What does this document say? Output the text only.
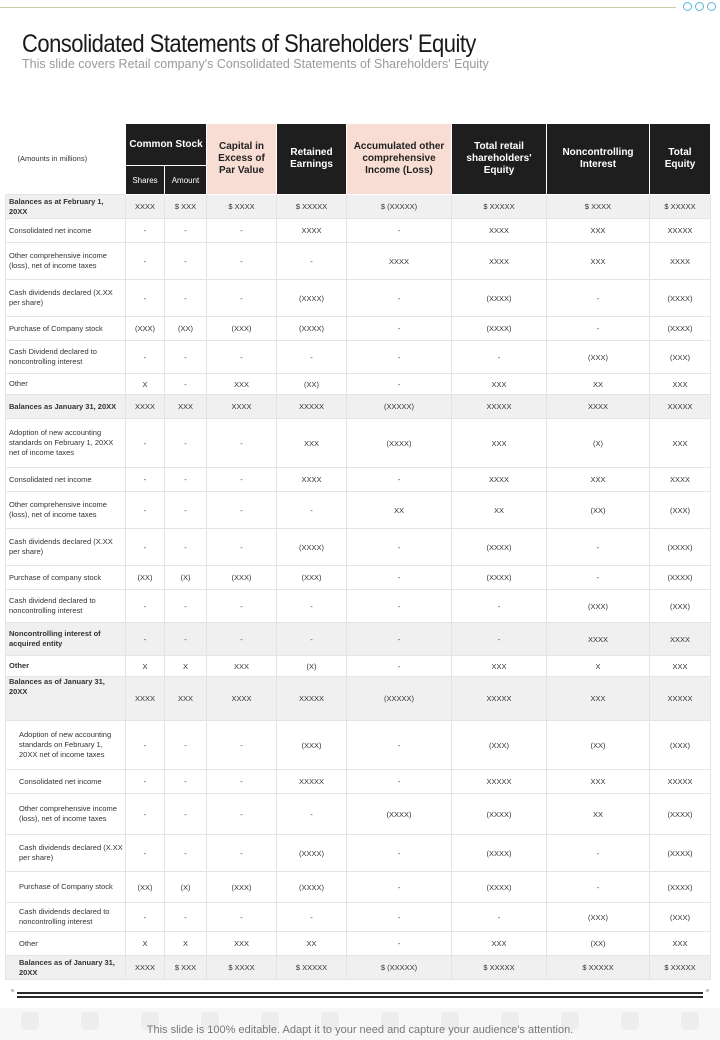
Consolidated Statements of Shareholders' Equity
This slide covers Retail company's Consolidated Statements of Shareholders' Equity
(Amounts in millions)	Common Stock		Capital in Excess of Par Value	Retained Earnings	Accumulated other comprehensive Income (Loss)	Total retail shareholders' Equity	Noncontrolling Interest	Total Equity
	Shares	Amount						
Balances as at February 1, 20XX	XXXX	$ XXX	$ XXXX	$ XXXXX	$ (XXXXX)	$ XXXXX	$ XXXX	$ XXXXX
Consolidated net income	-	-	-	XXXX	-	XXXX	XXX	XXXXX
Other comprehensive income (loss), net of income taxes	-	-	-	-	XXXX	XXXX	XXX	XXXX
Cash dividends declared (X.XX per share)	-	-	-	(XXXX)	-	(XXXX)	-	(XXXX)
Purchase of Company stock	(XXX)	(XX)	(XXX)	(XXXX)	-	(XXXX)	-	(XXXX)
Cash Dividend declared to noncontrolling interest	-	-	-	-	-	-	(XXX)	(XXX)
Other	X	-	XXX	(XX)	-	XXX	XX	XXX
Balances as January 31, 20XX	XXXX	XXX	XXXX	XXXXX	(XXXXX)	XXXXX	XXXX	XXXXX
Adoption of new accounting standards on February 1, 20XX net of income taxes	-	-	-	XXX	(XXXX)	XXX	(X)	XXX
Consolidated net income	-	-	-	XXXX	-	XXXX	XXX	XXXX
Other comprehensive income (loss), net of income taxes	-	-	-	-	XX	XX	(XX)	(XXX)
Cash dividends declared (X.XX per share)	-	-	-	(XXXX)	-	(XXXX)	-	(XXXX)
Purchase of company stock	(XX)	(X)	(XXX)	(XXX)	-	(XXXX)	-	(XXXX)
Cash dividend declared to noncontrolling interest	-	-	-	-	-	-	(XXX)	(XXX)
Noncontrolling interest of acquired entity	-	-	-	-	-	-	XXXX	XXXX
Other	X	X	XXX	(X)	-	XXX	X	XXX
Balances as of January 31, 20XX	XXXX	XXX	XXXX	XXXXX	(XXXXX)	XXXXX	XXX	XXXXX
Adoption of new accounting standards on February 1, 20XX net of income taxes	-	-	-	(XXX)	-	(XXX)	(XX)	(XXX)
Consolidated net income	-	-	-	XXXXX	-	XXXXX	XXX	XXXXX
Other comprehensive income (loss), net of income taxes	-	-	-	-	(XXXX)	(XXXX)	XX	(XXXX)
Cash dividends declared (X.XX per share)	-	-	-	(XXXX)	-	(XXXX)	-	(XXXX)
Purchase of Company stock	(XX)	(X)	(XXX)	(XXXX)	-	(XXXX)	-	(XXXX)
Cash dividends declared to noncontrolling interest	-	-	-	-	-	-	(XXX)	(XXX)
Other	X	X	XXX	XX	-	XXX	(XX)	XXX
Balances as of January 31, 20XX	XXXX	$ XXX	$ XXXX	$ XXXXX	$ (XXXXX)	$ XXXXX	$ XXXXX	$ XXXXX
This slide is 100% editable. Adapt it to your need and capture your audience's attention.
